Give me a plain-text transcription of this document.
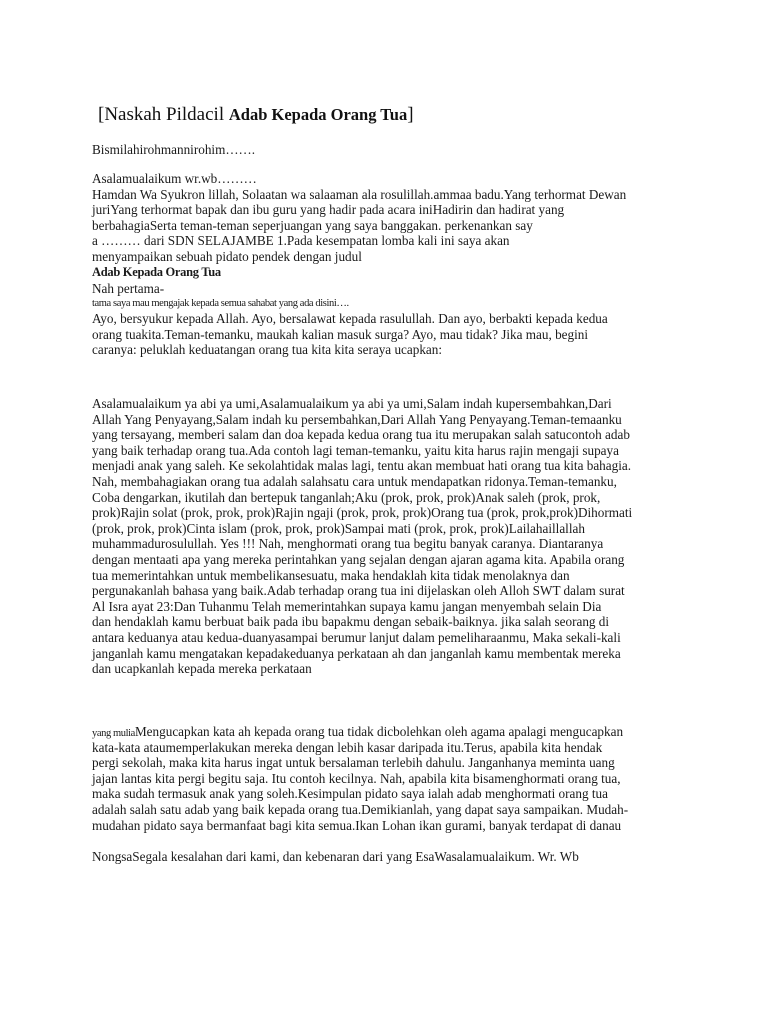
[Naskah Pildacil Adab Kepada Orang Tua]
Bismilahirohmannirohim…….
Asalamualaikum wr.wb………
Hamdan Wa Syukron lillah, Solaatan wa salaaman ala rosulillah.ammaa badu.Yang terhormat Dewan
juriYang terhormat bapak dan ibu guru yang hadir pada acara iniHadirin dan hadirat yang
berbahagiaSerta teman-teman seperjuangan yang saya banggakan. perkenankan say
a ……… dari SDN SELAJAMBE 1.Pada kesempatan lomba kali ini saya akan
menyampaikan sebuah pidato pendek dengan judul
Adab Kepada Orang Tua
Nah pertama-
tama saya mau mengajak kepada semua sahabat yang ada disini….
Ayo, bersyukur kepada Allah. Ayo, bersalawat kepada rasulullah. Dan ayo, berbakti kepada kedua
orang tuakita.Teman-temanku, maukah kalian masuk surga? Ayo, mau tidak? Jika mau, begini
caranya: peluklah keduatangan orang tua kita kita seraya ucapkan:
Asalamualaikum ya abi ya umi,Asalamualaikum ya abi ya umi,Salam indah kupersembahkan,Dari
Allah Yang Penyayang,Salam indah ku persembahkan,Dari Allah Yang Penyayang.Teman-temaanku
yang tersayang, memberi salam dan doa kepada kedua orang tua itu merupakan salah satucontoh adab
yang baik terhadap orang tua.Ada contoh lagi teman-temanku, yaitu kita harus rajin mengaji supaya
menjadi anak yang saleh. Ke sekolahtidak malas lagi, tentu akan membuat hati orang tua kita bahagia.
Nah, membahagiakan orang tua adalah salahsatu cara untuk mendapatkan ridonya.Teman-temanku,
Coba dengarkan, ikutilah dan bertepuk tanganlah;Aku (prok, prok, prok)Anak saleh (prok, prok,
prok)Rajin solat (prok, prok, prok)Rajin ngaji (prok, prok, prok)Orang tua (prok, prok,prok)Dihormati
(prok, prok, prok)Cinta islam (prok, prok, prok)Sampai mati (prok, prok, prok)Lailahaillallah
muhammadurosulullah. Yes !!! Nah, menghormati orang tua begitu banyak caranya. Diantaranya
dengan mentaati apa yang mereka perintahkan yang sejalan dengan ajaran agama kita. Apabila orang
tua memerintahkan untuk membelikansesuatu, maka hendaklah kita tidak menolaknya dan
pergunakanlah bahasa yang baik.Adab terhadap orang tua ini dijelaskan oleh Alloh SWT dalam surat
Al Isra ayat 23:Dan Tuhanmu Telah memerintahkan supaya kamu jangan menyembah selain Dia
dan hendaklah kamu berbuat baik pada ibu bapakmu dengan sebaik-baiknya. jika salah seorang di
antara keduanya atau kedua-duanyasampai berumur lanjut dalam pemeliharaanmu, Maka sekali-kali
janganlah kamu mengatakan kepadakeduanya perkataan ah dan janganlah kamu membentak mereka
dan ucapkanlah kepada mereka perkataan
yang muliaMengucapkan kata ah kepada orang tua tidak dicbolehkan oleh agama apalagi mengucapkan
kata-kata ataumemperlakukan mereka dengan lebih kasar daripada itu.Terus, apabila kita hendak
pergi sekolah, maka kita harus ingat untuk bersalaman terlebih dahulu. Janganhanya meminta uang
jajan lantas kita pergi begitu saja. Itu contoh kecilnya. Nah, apabila kita bisamenghormati orang tua,
maka sudah termasuk anak yang soleh.Kesimpulan pidato saya ialah adab menghormati orang tua
adalah salah satu adab yang baik kepada orang tua.Demikianlah, yang dapat saya sampaikan. Mudah-
mudahan pidato saya bermanfaat bagi kita semua.Ikan Lohan ikan gurami, banyak terdapat di danau
NongsaSegala kesalahan dari kami, dan kebenaran dari yang EsaWasalamualaikum. Wr. Wb
